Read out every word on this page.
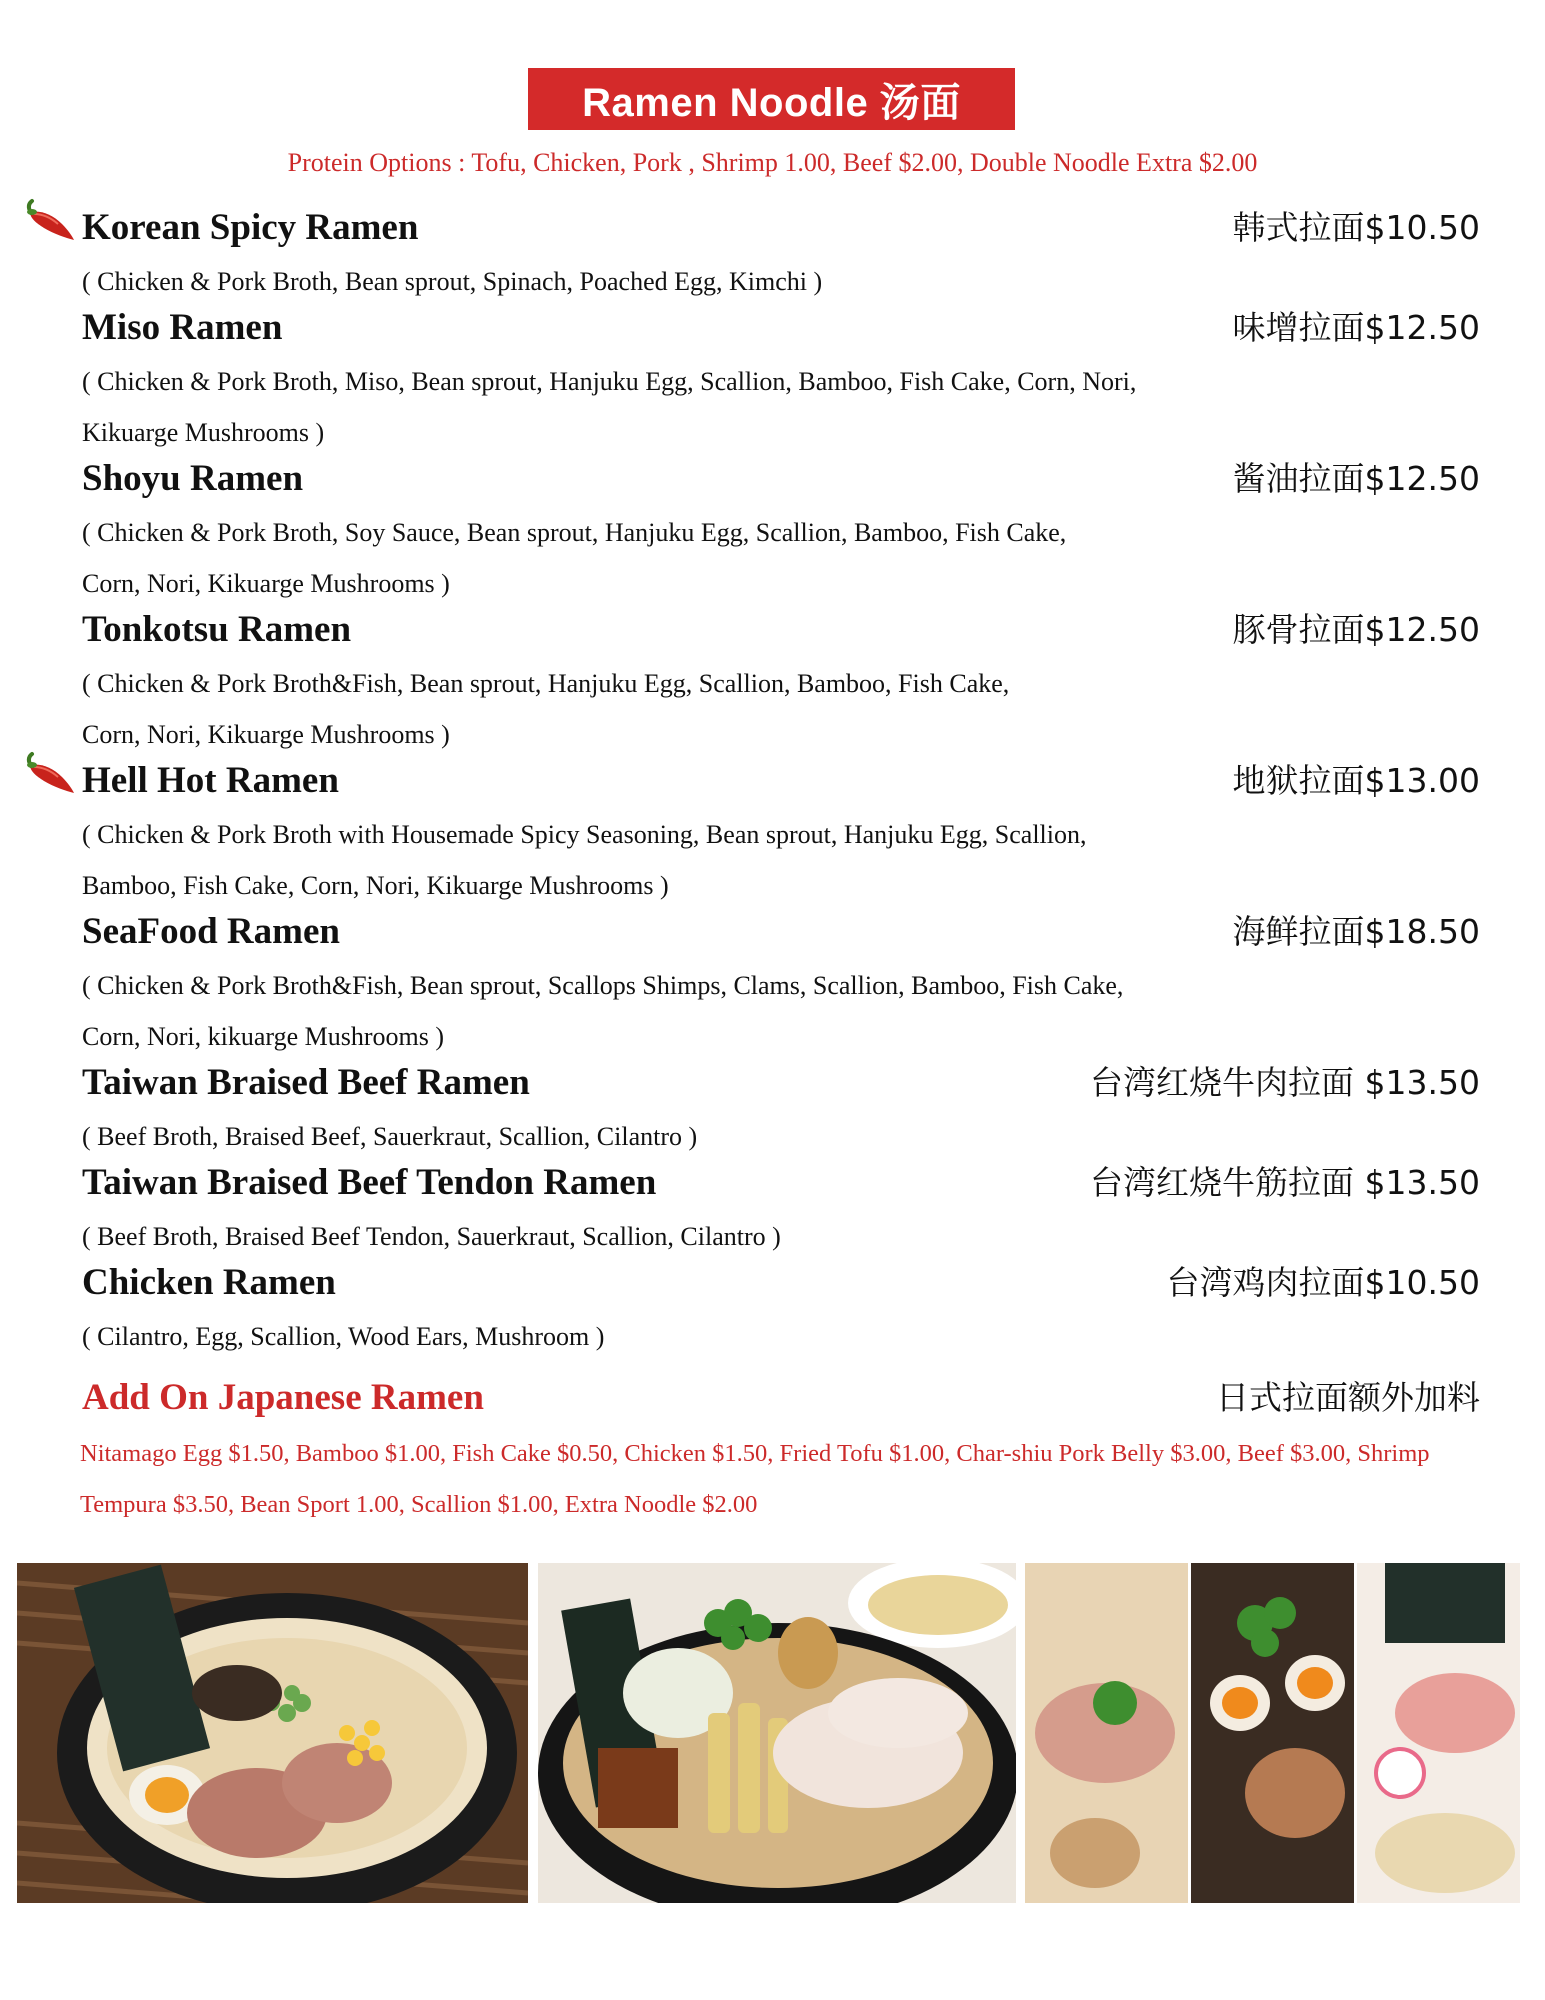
Ramen Noodle 汤面
Protein Options : Tofu, Chicken, Pork , Shrimp 1.00, Beef $2.00, Double Noodle Extra $2.00
Korean Spicy Ramen	韩式拉面$10.50
( Chicken & Pork Broth, Bean sprout, Spinach, Poached Egg, Kimchi )
Miso Ramen	味增拉面$12.50
( Chicken & Pork Broth, Miso, Bean sprout, Hanjuku Egg, Scallion, Bamboo, Fish Cake, Corn, Nori, Kikuarge Mushrooms )
Shoyu Ramen	酱油拉面$12.50
( Chicken & Pork Broth, Soy Sauce, Bean sprout, Hanjuku Egg, Scallion, Bamboo, Fish Cake, Corn, Nori, Kikuarge Mushrooms )
Tonkotsu Ramen	豚骨拉面$12.50
( Chicken & Pork Broth&Fish, Bean sprout, Hanjuku Egg, Scallion, Bamboo, Fish Cake, Corn, Nori, Kikuarge Mushrooms )
Hell Hot Ramen	地狱拉面$13.00
( Chicken & Pork Broth with Housemade Spicy Seasoning, Bean sprout, Hanjuku Egg, Scallion, Bamboo, Fish Cake, Corn, Nori, Kikuarge Mushrooms )
SeaFood Ramen	海鲜拉面$18.50
( Chicken & Pork Broth&Fish, Bean sprout, Scallops Shimps, Clams, Scallion, Bamboo, Fish Cake, Corn, Nori, kikuarge Mushrooms )
Taiwan Braised Beef Ramen	台湾红烧牛肉拉面 $13.50
( Beef Broth, Braised Beef, Sauerkraut, Scallion, Cilantro )
Taiwan Braised Beef Tendon Ramen	台湾红烧牛筋拉面 $13.50
( Beef Broth, Braised Beef Tendon, Sauerkraut, Scallion, Cilantro )
Chicken Ramen	台湾鸡肉拉面$10.50
( Cilantro, Egg, Scallion, Wood Ears, Mushroom )
Add On Japanese Ramen	日式拉面额外加料
Nitamago Egg $1.50, Bamboo $1.00, Fish Cake $0.50, Chicken $1.50, Fried Tofu $1.00, Char-shiu Pork Belly $3.00, Beef $3.00, Shrimp Tempura $3.50, Bean Sport 1.00, Scallion $1.00, Extra Noodle $2.00
